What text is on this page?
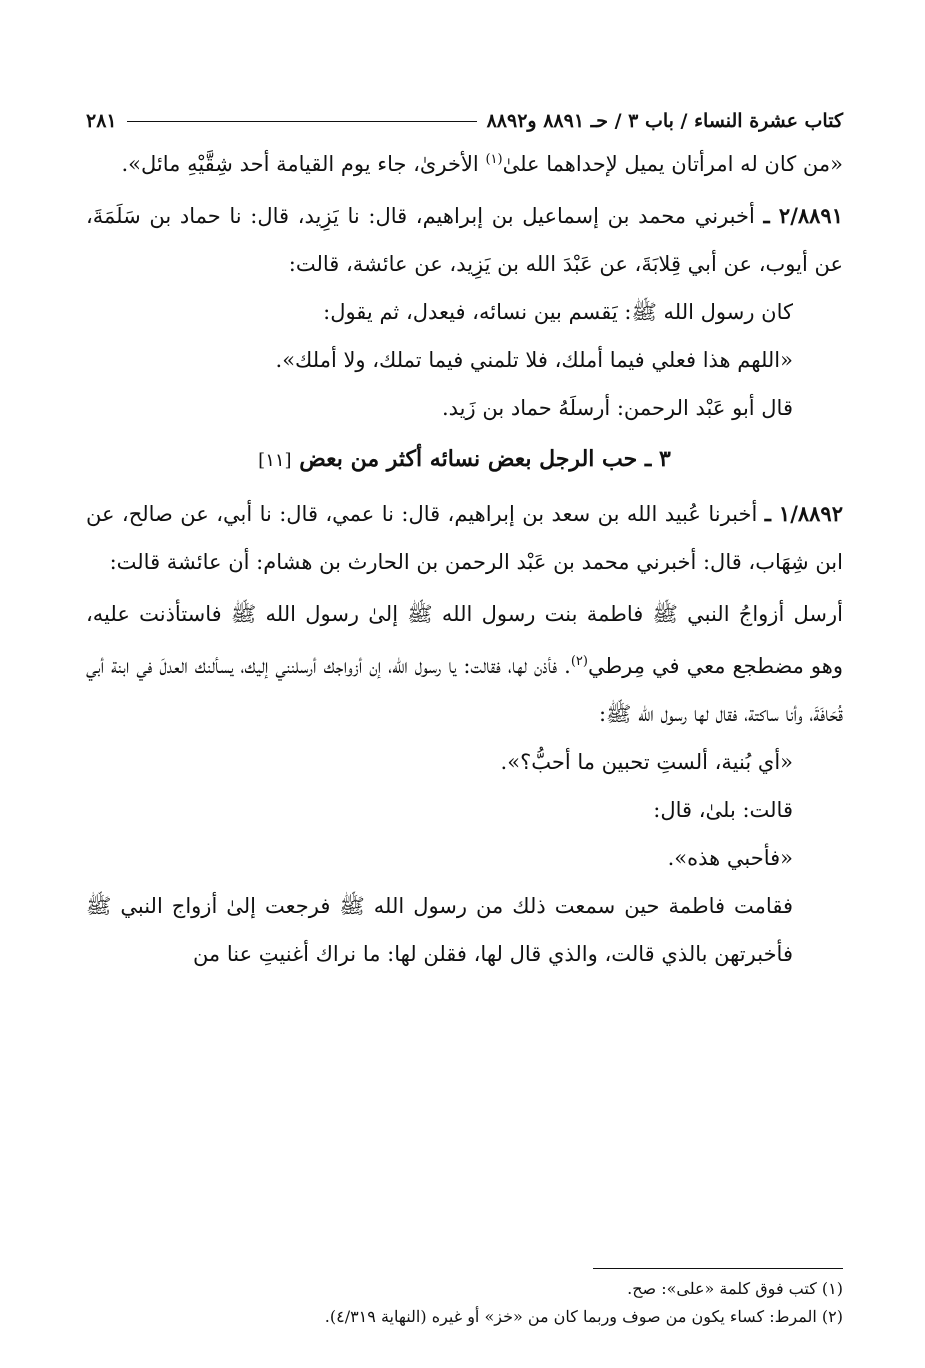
كتاب عشرة النساء / باب ٣ / حـ ٨٨٩١ و٨٨٩٢
٢٨١

«من كان له امرأتان يميل لإحداهما علىٰ$^{(١)}$ الأخرىٰ، جاء يوم القيامة أحد شِقَّيْهِ مائل».

٢/٨٨٩١ ـ أخبرني محمد بن إسماعيل بن إبراهيم، قال: نا يَزِيد، قال: نا حماد بن سَلَمَةَ، عن أيوب، عن أبي قِلابَةَ، عن عَبْدَ الله بن يَزِيد، عن عائشة، قالت:

كان رسول الله ﷺ: يَقسم بين نسائه، فيعدل، ثم يقول:

«اللهم هذا فعلي فيما أملك، فلا تلمني فيما تملك، ولا أملك».

قال أبو عَبْد الرحمن: أرسلَهُ حماد بن زَيد.

٣ ـ حب الرجل بعض نسائه أكثر من بعض [١١]

١/٨٨٩٢ ـ أخبرنا عُبيد الله بن سعد بن إبراهيم، قال: نا عمي، قال: نا أبي، عن صالح، عن ابن شِهَاب، قال: أخبرني محمد بن عَبْد الرحمن بن الحارث بن هشام: أن عائشة قالت:

أرسل أزواجُ النبي ﷺ فاطمة بنت رسول الله ﷺ إلىٰ رسول الله ﷺ فاستأذنت عليه، وهو مضطجع معي في مِرطي$^{(٢)}$. فأذن لها، فقالت: يا رسول الله، إن أزواجك أرسلنني إليك، يسألنك العدلَ في ابنة أبي قُحَافَةَ، وأنا ساكتة، فقال لها رسول الله ﷺ:

«أي بُنية، ألستِ تحبين ما أحبُّ؟».

قالت: بلىٰ، قال:

«فأحبي هذه».

فقامت فاطمة حين سمعت ذلك من رسول الله ﷺ فرجعت إلىٰ أزواج النبي ﷺ فأخبرتهن بالذي قالت، والذي قال لها، فقلن لها: ما نراك أغنيتِ عنا من

(١) كتب فوق كلمة «على»: صح.

(٢) المرط: كساء يكون من صوف وربما كان من «خز» أو غيره (النهاية ٤/٣١٩).
